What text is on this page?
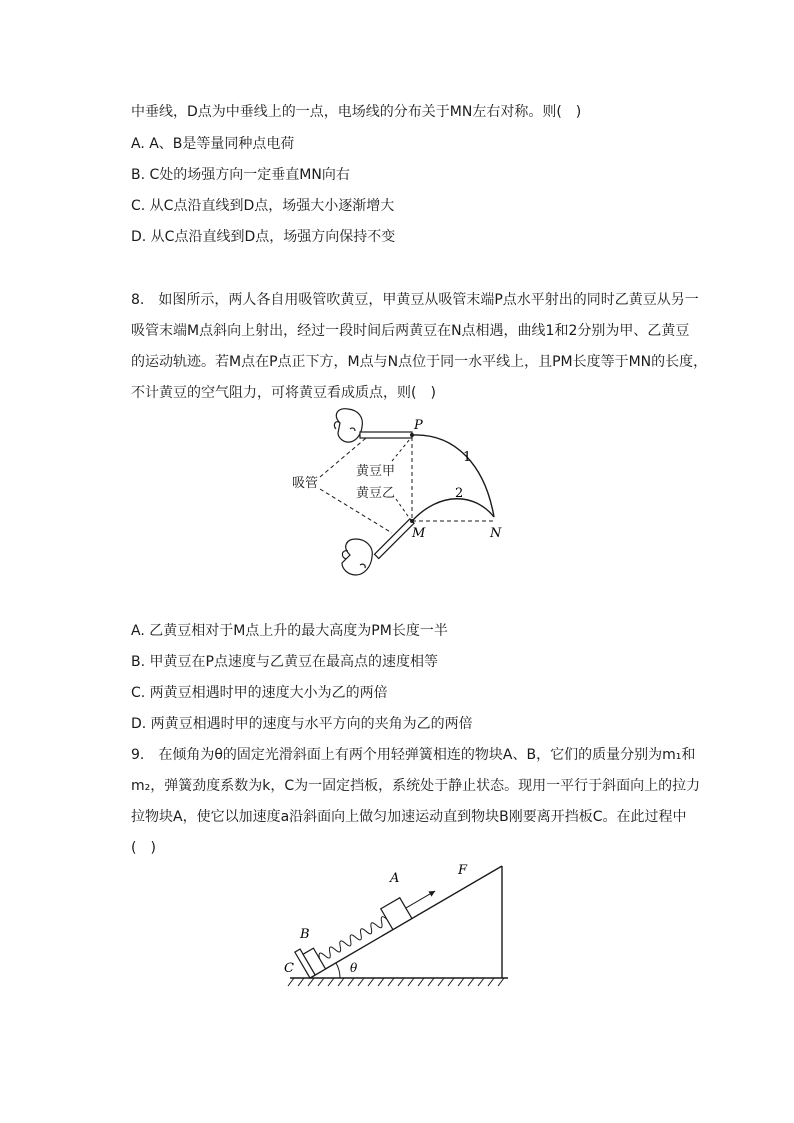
中垂线，D点为中垂线上的一点，电场线的分布关于MN左右对称。则(　)
A. A、B是等量同种点电荷
B. C处的场强方向一定垂直MN向右
C. 从C点沿直线到D点，场强大小逐渐增大
D. 从C点沿直线到D点，场强方向保持不变
8.　如图所示，两人各自用吸管吹黄豆，甲黄豆从吸管末端P点水平射出的同时乙黄豆从另一
吸管末端M点斜向上射出，经过一段时间后两黄豆在N点相遇，曲线1和2分别为甲、乙黄豆
的运动轨迹。若M点在P点正下方，M点与N点位于同一水平线上，且PM长度等于MN的长度，
不计黄豆的空气阻力，可将黄豆看成质点，则(　)
P
1
2
吸管
黄豆甲
黄豆乙
M	N
A. 乙黄豆相对于M点上升的最大高度为PM长度一半
B. 甲黄豆在P点速度与乙黄豆在最高点的速度相等
C. 两黄豆相遇时甲的速度大小为乙的两倍
D. 两黄豆相遇时甲的速度与水平方向的夹角为乙的两倍
9.　在倾角为θ的固定光滑斜面上有两个用轻弹簧相连的物块A、B，它们的质量分别为m₁和
m₂，弹簧劲度系数为k，C为一固定挡板，系统处于静止状态。现用一平行于斜面向上的拉力
拉物块A，使它以加速度a沿斜面向上做匀加速运动直到物块B刚要离开挡板C。在此过程中
(　)
θ
A
F
B
C
